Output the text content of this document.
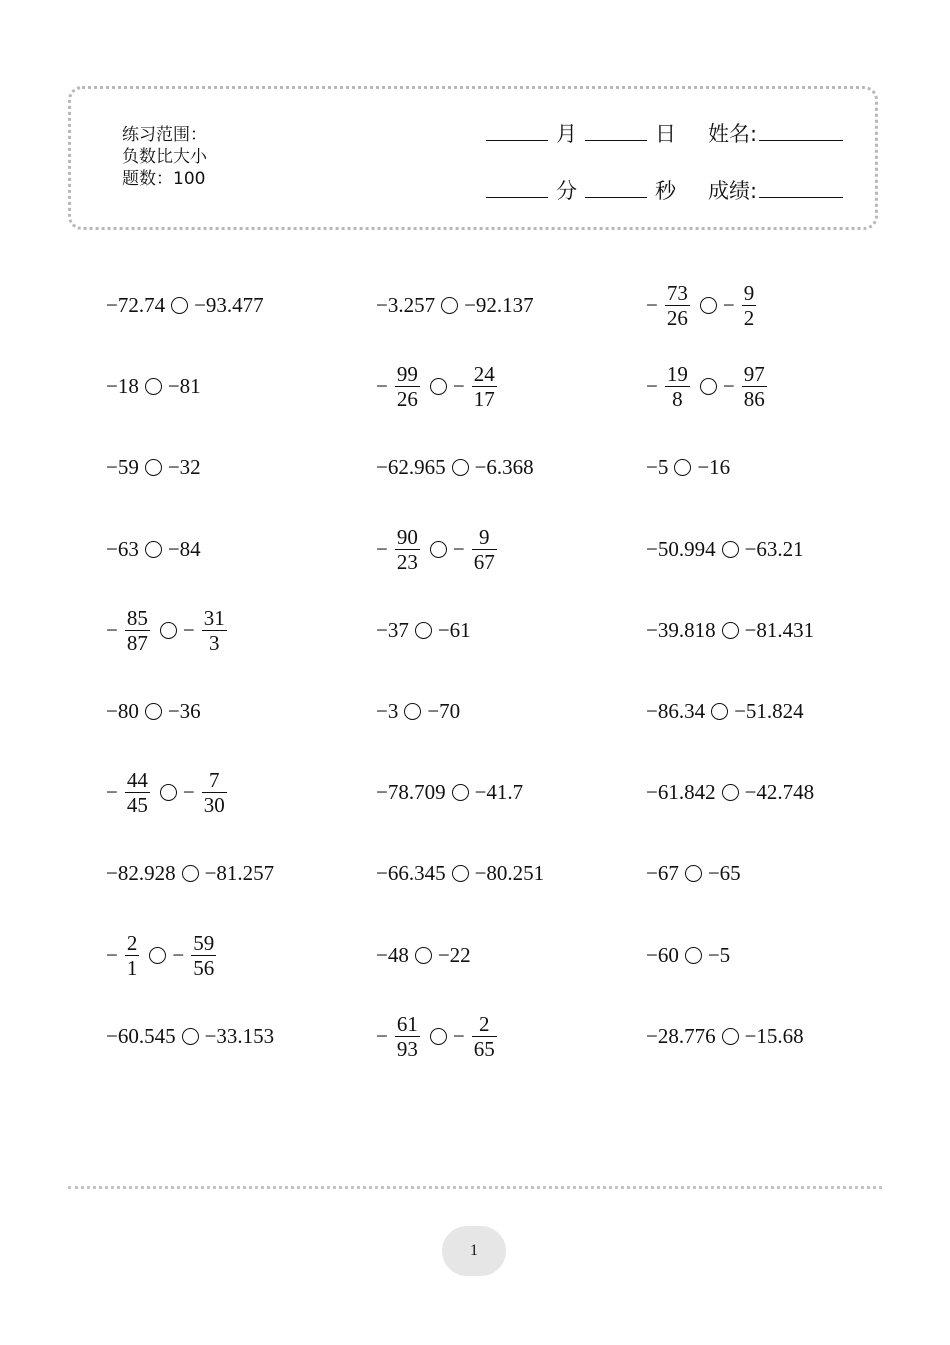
练习范围：
负数比大小
题数：100
月	日 姓名:
分	秒 成绩:
−72.74 −93.477	−3.257 −92.137	− $\frac{73}{26} - \frac{9}{2}$
−18 −81	− $\frac{99}{26} - \frac{24}{17}$	− $\frac{19}{8} - \frac{97}{86}$
−59 −32	−62.965 −6.368	−5 −16
−63 −84	− $\frac{90}{23} - \frac{9}{67}$	−50.994 −63.21
− $\frac{85}{87} - \frac{31}{3}$	−37 −61	−39.818 −81.431
−80 −36	−3 −70	−86.34 −51.824
− $\frac{44}{45} - \frac{7}{30}$	−78.709 −41.7	−61.842 −42.748
−82.928 −81.257	−66.345 −80.251	−67 −65
− $\frac{2}{1} - \frac{59}{56}$	−48 −22	−60 −5
−60.545 −33.153	− $\frac{61}{93} - \frac{2}{65}$	−28.776 −15.68
1
